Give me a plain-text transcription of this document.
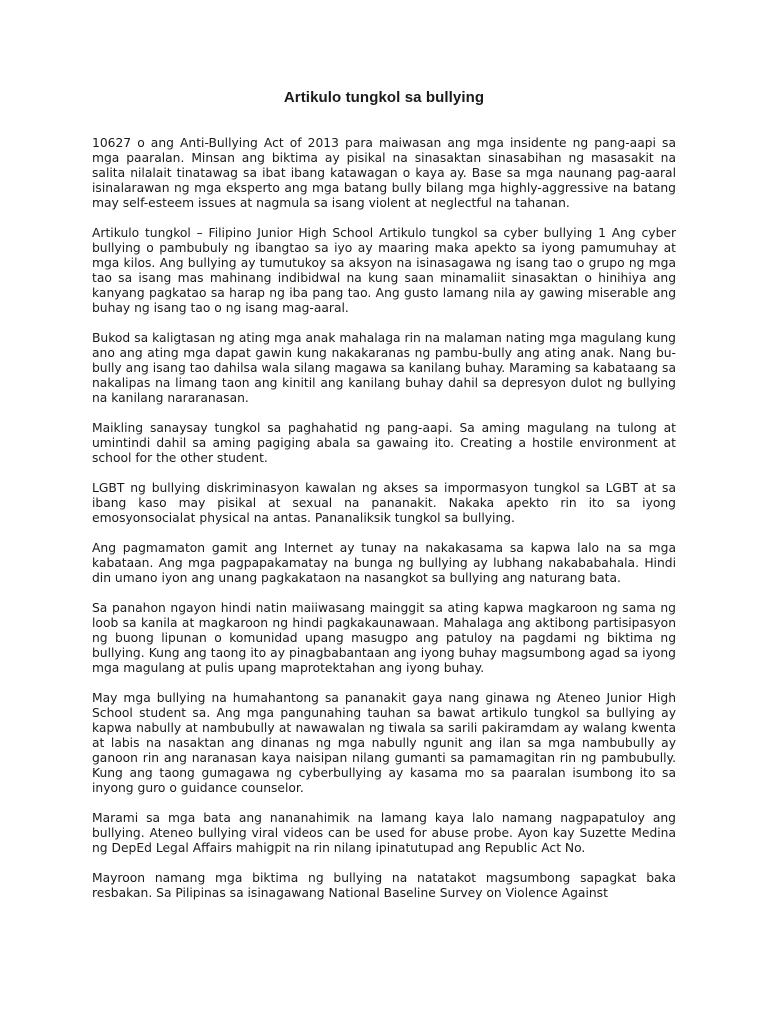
Artikulo tungkol sa bullying

10627 o ang Anti-Bullying Act of 2013 para maiwasan ang mga insidente ng pang-aapi sa mga paaralan. Minsan ang biktima ay pisikal na sinasaktan sinasabihan ng masasakit na salita nilalait tinatawag sa ibat ibang katawagan o kaya ay. Base sa mga naunang pag-aaral isinalarawan ng mga eksperto ang mga batang bully bilang mga highly-aggressive na batang may self-esteem issues at nagmula sa isang violent at neglectful na tahanan.

Artikulo tungkol – Filipino Junior High School Artikulo tungkol sa cyber bullying 1 Ang cyber bullying o pambubuly ng ibangtao sa iyo ay maaring maka apekto sa iyong pamumuhay at mga kilos. Ang bullying ay tumutukoy sa aksyon na isinasagawa ng isang tao o grupo ng mga tao sa isang mas mahinang indibidwal na kung saan minamaliit sinasaktan o hinihiya ang kanyang pagkatao sa harap ng iba pang tao. Ang gusto lamang nila ay gawing miserable ang buhay ng isang tao o ng isang mag-aaral.

Bukod sa kaligtasan ng ating mga anak mahalaga rin na malaman nating mga magulang kung ano ang ating mga dapat gawin kung nakakaranas ng pambu-bully ang ating anak. Nang bu-bully ang isang tao dahilsa wala silang magawa sa kanilang buhay. Maraming sa kabataang sa nakalipas na limang taon ang kinitil ang kanilang buhay dahil sa depresyon dulot ng bullying na kanilang nararanasan.

Maikling sanaysay tungkol sa paghahatid ng pang-aapi. Sa aming magulang na tulong at umintindi dahil sa aming pagiging abala sa gawaing ito. Creating a hostile environment at school for the other student.

LGBT ng bullying diskriminasyon kawalan ng akses sa impormasyon tungkol sa LGBT at sa ibang kaso may pisikal at sexual na pananakit. Nakaka apekto rin ito sa iyong emosyonsocialat physical na antas. Pananaliksik tungkol sa bullying.

Ang pagmamaton gamit ang Internet ay tunay na nakakasama sa kapwa lalo na sa mga kabataan. Ang mga pagpapakamatay na bunga ng bullying ay lubhang nakababahala. Hindi din umano iyon ang unang pagkakataon na nasangkot sa bullying ang naturang bata.

Sa panahon ngayon hindi natin maiiwasang mainggit sa ating kapwa magkaroon ng sama ng loob sa kanila at magkaroon ng hindi pagkakaunawaan. Mahalaga ang aktibong partisipasyon ng buong lipunan o komunidad upang masugpo ang patuloy na pagdami ng biktima ng bullying. Kung ang taong ito ay pinagbabantaan ang iyong buhay magsumbong agad sa iyong mga magulang at pulis upang maprotektahan ang iyong buhay.

May mga bullying na humahantong sa pananakit gaya nang ginawa ng Ateneo Junior High School student sa. Ang mga pangunahing tauhan sa bawat artikulo tungkol sa bullying ay kapwa nabully at nambubully at nawawalan ng tiwala sa sarili pakiramdam ay walang kwenta at labis na nasaktan ang dinanas ng mga nabully ngunit ang ilan sa mga nambubully ay ganoon rin ang naranasan kaya naisipan nilang gumanti sa pamamagitan rin ng pambubully. Kung ang taong gumagawa ng cyberbullying ay kasama mo sa paaralan isumbong ito sa inyong guro o guidance counselor.

Marami sa mga bata ang nananahimik na lamang kaya lalo namang nagpapatuloy ang bullying. Ateneo bullying viral videos can be used for abuse probe. Ayon kay Suzette Medina ng DepEd Legal Affairs mahigpit na rin nilang ipinatutupad ang Republic Act No.

Mayroon namang mga biktima ng bullying na natatakot magsumbong sapagkat baka resbakan. Sa Pilipinas sa isinagawang National Baseline Survey on Violence Against
